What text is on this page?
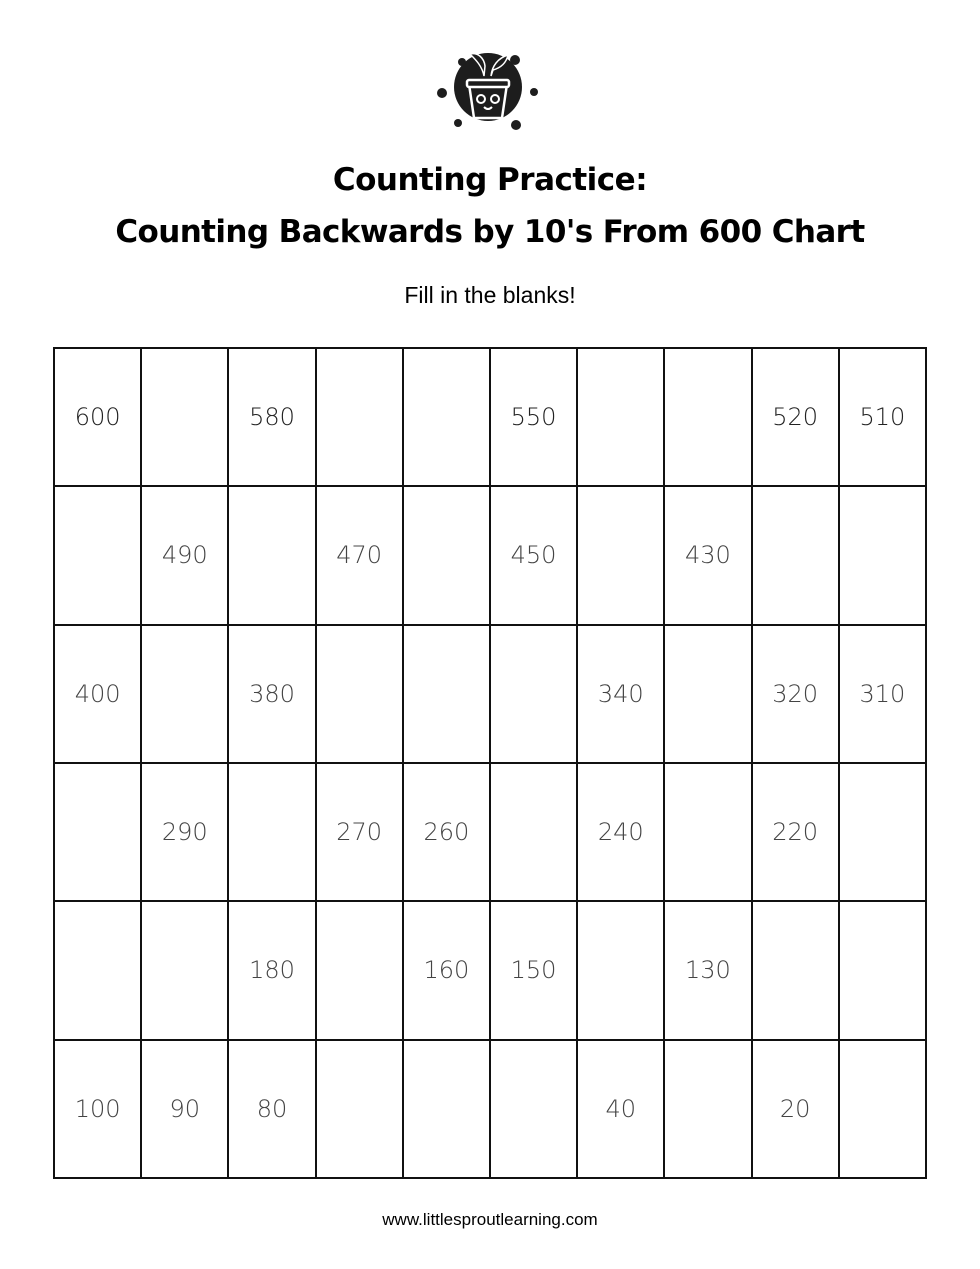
Counting Practice:
Counting Backwards by 10's From 600 Chart
Fill in the blanks!
600		580			550			520	510
	490		470		450		430		
400		380				340		320	310
	290		270	260		240		220	
		180		160	150		130		
100	90	80				40		20	
www.littlesproutlearning.com
